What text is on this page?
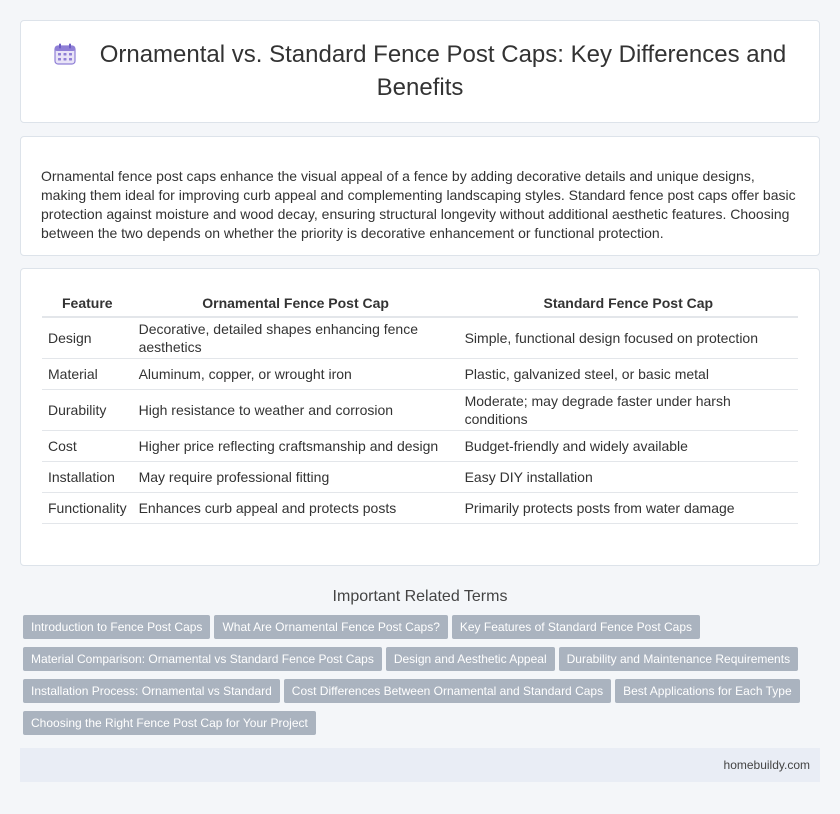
Ornamental vs. Standard Fence Post Caps: Key Differences and Benefits
Ornamental fence post caps enhance the visual appeal of a fence by adding decorative details and unique designs, making them ideal for improving curb appeal and complementing landscaping styles. Standard fence post caps offer basic protection against moisture and wood decay, ensuring structural longevity without additional aesthetic features. Choosing between the two depends on whether the priority is decorative enhancement or functional protection.
Feature	Ornamental Fence Post Cap	Standard Fence Post Cap
Design	Decorative, detailed shapes enhancing fence aesthetics	Simple, functional design focused on protection
Material	Aluminum, copper, or wrought iron	Plastic, galvanized steel, or basic metal
Durability	High resistance to weather and corrosion	Moderate; may degrade faster under harsh conditions
Cost	Higher price reflecting craftsmanship and design	Budget-friendly and widely available
Installation	May require professional fitting	Easy DIY installation
Functionality	Enhances curb appeal and protects posts	Primarily protects posts from water damage
Important Related Terms
Introduction to Fence Post Caps What Are Ornamental Fence Post Caps? Key Features of Standard Fence Post CapsMaterial Comparison: Ornamental vs Standard Fence Post Caps Design and Aesthetic Appeal Durability and Maintenance RequirementsInstallation Process: Ornamental vs Standard Cost Differences Between Ornamental and Standard Caps Best Applications for Each TypeChoosing the Right Fence Post Cap for Your Project
homebuildy.com
